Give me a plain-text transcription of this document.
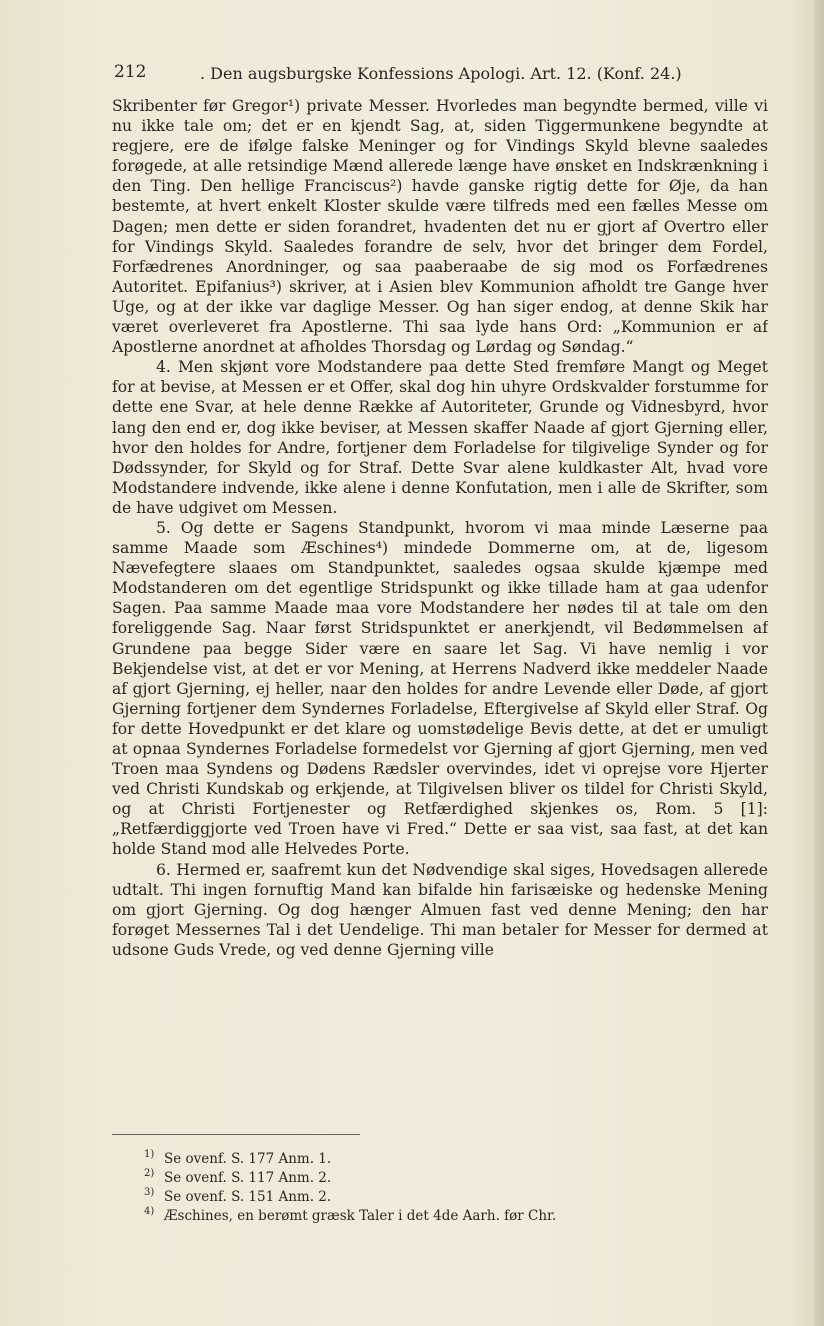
212	. Den augsburgske Konfessions Apologi. Art. 12. (Konf. 24.)

Skribenter før Gregor¹) private Messer. Hvorledes man begyndte bermed, ville vi nu ikke tale om; det er en kjendt Sag, at, siden Tiggermunkene begyndte at regjere, ere de ifølge falske Meninger og for Vindings Skyld blevne saaledes forøgede, at alle retsindige Mænd allerede længe have ønsket en Indskrænkning i den Ting. Den hellige Franciscus²) havde ganske rigtig dette for Øje, da han bestemte, at hvert enkelt Kloster skulde være tilfreds med een fælles Messe om Dagen; men dette er siden forandret, hvadenten det nu er gjort af Overtro eller for Vindings Skyld. Saaledes forandre de selv, hvor det bringer dem Fordel, Forfædrenes Anordninger, og saa paaberaabe de sig mod os Forfædrenes Autoritet. Epifanius³) skriver, at i Asien blev Kommunion afholdt tre Gange hver Uge, og at der ikke var daglige Messer. Og han siger endog, at denne Skik har været overleveret fra Apostlerne. Thi saa lyde hans Ord: „Kommunion er af Apostlerne anordnet at afholdes Thorsdag og Lørdag og Søndag.“

4. Men skjønt vore Modstandere paa dette Sted fremføre Mangt og Meget for at bevise, at Messen er et Offer, skal dog hin uhyre Ordskvalder forstumme for dette ene Svar, at hele denne Række af Autoriteter, Grunde og Vidnesbyrd, hvor lang den end er, dog ikke beviser, at Messen skaffer Naade af gjort Gjerning eller, hvor den holdes for Andre, fortjener dem Forladelse for tilgivelige Synder og for Dødssynder, for Skyld og for Straf. Dette Svar alene kuldkaster Alt, hvad vore Modstandere indvende, ikke alene i denne Konfutation, men i alle de Skrifter, som de have udgivet om Messen.

5. Og dette er Sagens Standpunkt, hvorom vi maa minde Læserne paa samme Maade som Æschines⁴) mindede Dommerne om, at de, ligesom Nævefegtere slaaes om Standpunktet, saaledes ogsaa skulde kjæmpe med Modstanderen om det egentlige Stridspunkt og ikke tillade ham at gaa udenfor Sagen. Paa samme Maade maa vore Modstandere her nødes til at tale om den foreliggende Sag. Naar først Stridspunktet er anerkjendt, vil Bedømmelsen af Grundene paa begge Sider være en saare let Sag. Vi have nemlig i vor Bekjendelse vist, at det er vor Mening, at Herrens Nadverd ikke meddeler Naade af gjort Gjerning, ej heller, naar den holdes for andre Levende eller Døde, af gjort Gjerning fortjener dem Syndernes Forladelse, Eftergivelse af Skyld eller Straf. Og for dette Hovedpunkt er det klare og uomstødelige Bevis dette, at det er umuligt at opnaa Syndernes Forladelse formedelst vor Gjerning af gjort Gjerning, men ved Troen maa Syndens og Dødens Rædsler overvindes, idet vi oprejse vore Hjerter ved Christi Kundskab og erkjende, at Tilgivelsen bliver os tildel for Christi Skyld, og at Christi Fortjenester og Retfærdighed skjenkes os, Rom. 5 [1]: „Retfærdiggjorte ved Troen have vi Fred.“ Dette er saa vist, saa fast, at det kan holde Stand mod alle Helvedes Porte.

6. Hermed er, saafremt kun det Nødvendige skal siges, Hovedsagen allerede udtalt. Thi ingen fornuftig Mand kan bifalde hin farisæiske og hedenske Mening om gjort Gjerning. Og dog hænger Almuen fast ved denne Mening; den har forøget Messernes Tal i det Uendelige. Thi man betaler for Messer for dermed at udsone Guds Vrede, og ved denne Gjerning ville

1) Se ovenf. S. 177 Anm. 1.
2) Se ovenf. S. 117 Anm. 2.
3) Se ovenf. S. 151 Anm. 2.
4) Æschines, en berømt græsk Taler i det 4de Aarh. før Chr.
